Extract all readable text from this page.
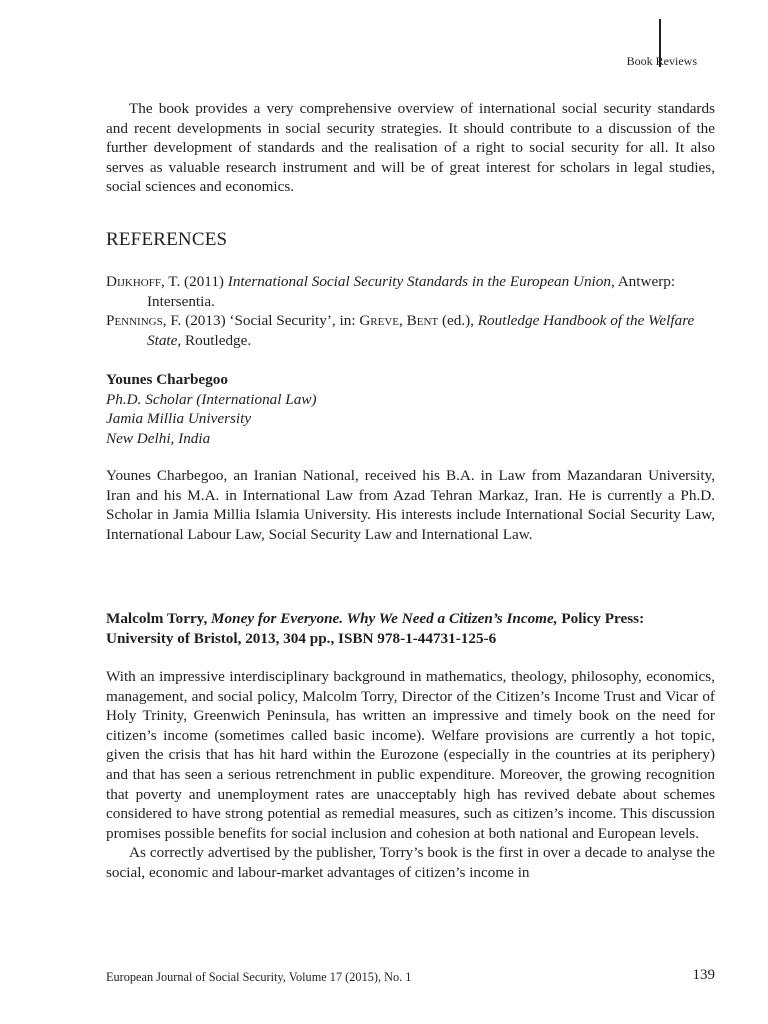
Book Reviews

The book provides a very comprehensive overview of international social security standards and recent developments in social security strategies. It should contribute to a discussion of the further development of standards and the realisation of a right to social security for all. It also serves as valuable research instrument and will be of great interest for scholars in legal studies, social sciences and economics.

REFERENCES

Dijkhoff, T. (2011) International Social Security Standards in the European Union, Antwerp: Intersentia.

Pennings, F. (2013) ‘Social Security’, in: Greve, Bent (ed.), Routledge Handbook of the Welfare State, Routledge.

Younes Charbegoo
Ph.D. Scholar (International Law)
Jamia Millia University
New Delhi, India

Younes Charbegoo, an Iranian National, received his B.A. in Law from Mazandaran University, Iran and his M.A. in International Law from Azad Tehran Markaz, Iran. He is currently a Ph.D. Scholar in Jamia Millia Islamia University. His interests include International Social Security Law, International Labour Law, Social Security Law and International Law.

Malcolm Torry, Money for Everyone. Why We Need a Citizen’s Income, Policy Press: University of Bristol, 2013, 304 pp., ISBN 978-1-44731-125-6

With an impressive interdisciplinary background in mathematics, theology, philosophy, economics, management, and social policy, Malcolm Torry, Director of the Citizen’s Income Trust and Vicar of Holy Trinity, Greenwich Peninsula, has written an impressive and timely book on the need for citizen’s income (sometimes called basic income). Welfare provisions are currently a hot topic, given the crisis that has hit hard within the Eurozone (especially in the countries at its periphery) and that has seen a serious retrenchment in public expenditure. Moreover, the growing recognition that poverty and unemployment rates are unacceptably high has revived debate about schemes considered to have strong potential as remedial measures, such as citizen’s income. This discussion promises possible benefits for social inclusion and cohesion at both national and European levels.

As correctly advertised by the publisher, Torry’s book is the first in over a decade to analyse the social, economic and labour-market advantages of citizen’s income in

European Journal of Social Security, Volume 17 (2015), No. 1	139
